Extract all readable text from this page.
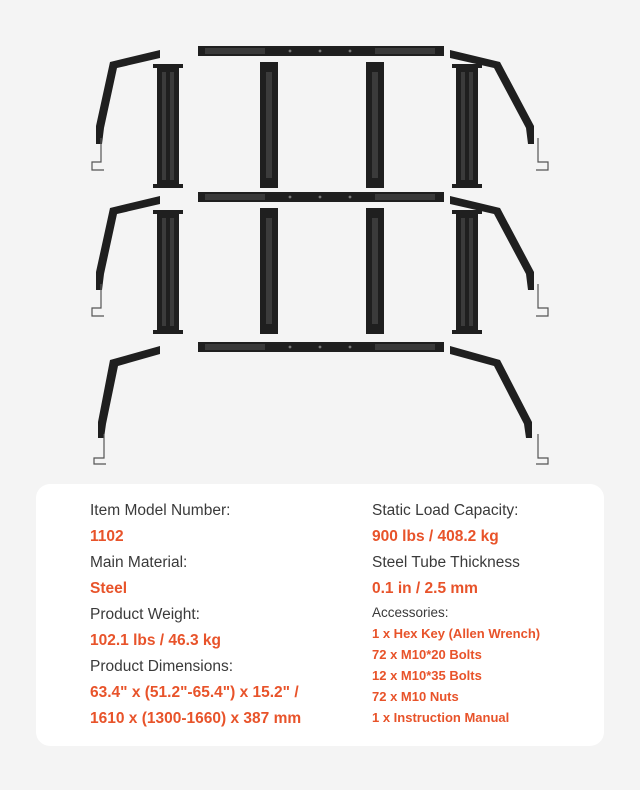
Item Model Number:
1102
Main Material:
Steel
Product Weight:
102.1 lbs / 46.3 kg
Product Dimensions:
63.4" x (51.2"-65.4") x 15.2" /
1610 x (1300-1660) x 387 mm
Static Load Capacity:
900 lbs / 408.2 kg
Steel Tube Thickness
0.1 in / 2.5 mm
Accessories:
1 x Hex Key (Allen Wrench)
72 x M10*20 Bolts
12 x M10*35 Bolts
72 x M10 Nuts
1 x Instruction Manual
